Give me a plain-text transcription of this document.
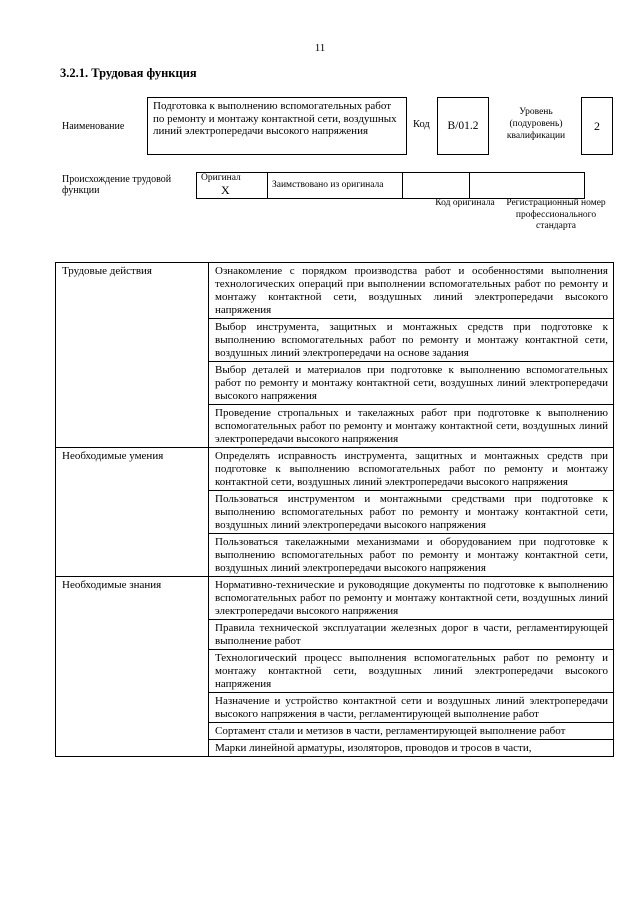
11
3.2.1. Трудовая функция
Наименование
Подготовка к выполнению вспомогательных работ по ремонту и монтажу контактной сети, воздушных линий электропередачи высокого напряжения
Код	B/01.2
Уровень (подуровень) квалификации
2
Происхождение трудовой функции
Оригинал X	Заимствовано из оригинала		
Код оригинала	Регистрационный номер профессионального стандарта
Трудовые действия	Ознакомление с порядком производства работ и особенностями выполнения технологических операций при выполнении вспомогательных работ по ремонту и монтажу контактной сети, воздушных линий электропередачи высокого напряжения
	Выбор инструмента, защитных и монтажных средств при подготовке к выполнению вспомогательных работ по ремонту и монтажу контактной сети, воздушных линий электропередачи на основе задания
	Выбор деталей и материалов при подготовке к выполнению вспомогательных работ по ремонту и монтажу контактной сети, воздушных линий электропередачи высокого напряжения
	Проведение стропальных и такелажных работ при подготовке к выполнению вспомогательных работ по ремонту и монтажу контактной сети, воздушных линий электропередачи высокого напряжения
Необходимые умения	Определять исправность инструмента, защитных и монтажных средств при подготовке к выполнению вспомогательных работ по ремонту и монтажу контактной сети, воздушных линий электропередачи высокого напряжения
	Пользоваться инструментом и монтажными средствами при подготовке к выполнению вспомогательных работ по ремонту и монтажу контактной сети, воздушных линий электропередачи высокого напряжения
	Пользоваться такелажными механизмами и оборудованием при подготовке к выполнению вспомогательных работ по ремонту и монтажу контактной сети, воздушных линий электропередачи высокого напряжения
Необходимые знания	Нормативно-технические и руководящие документы по подготовке к выполнению вспомогательных работ по ремонту и монтажу контактной сети, воздушных линий электропередачи высокого напряжения
	Правила технической эксплуатации железных дорог в части, регламентирующей выполнение работ
	Технологический процесс выполнения вспомогательных работ по ремонту и монтажу контактной сети, воздушных линий электропередачи высокого напряжения
	Назначение и устройство контактной сети и воздушных линий электропередачи высокого напряжения в части, регламентирующей выполнение работ
	Сортамент стали и метизов в части, регламентирующей выполнение работ
	Марки линейной арматуры, изоляторов, проводов и тросов в части,
